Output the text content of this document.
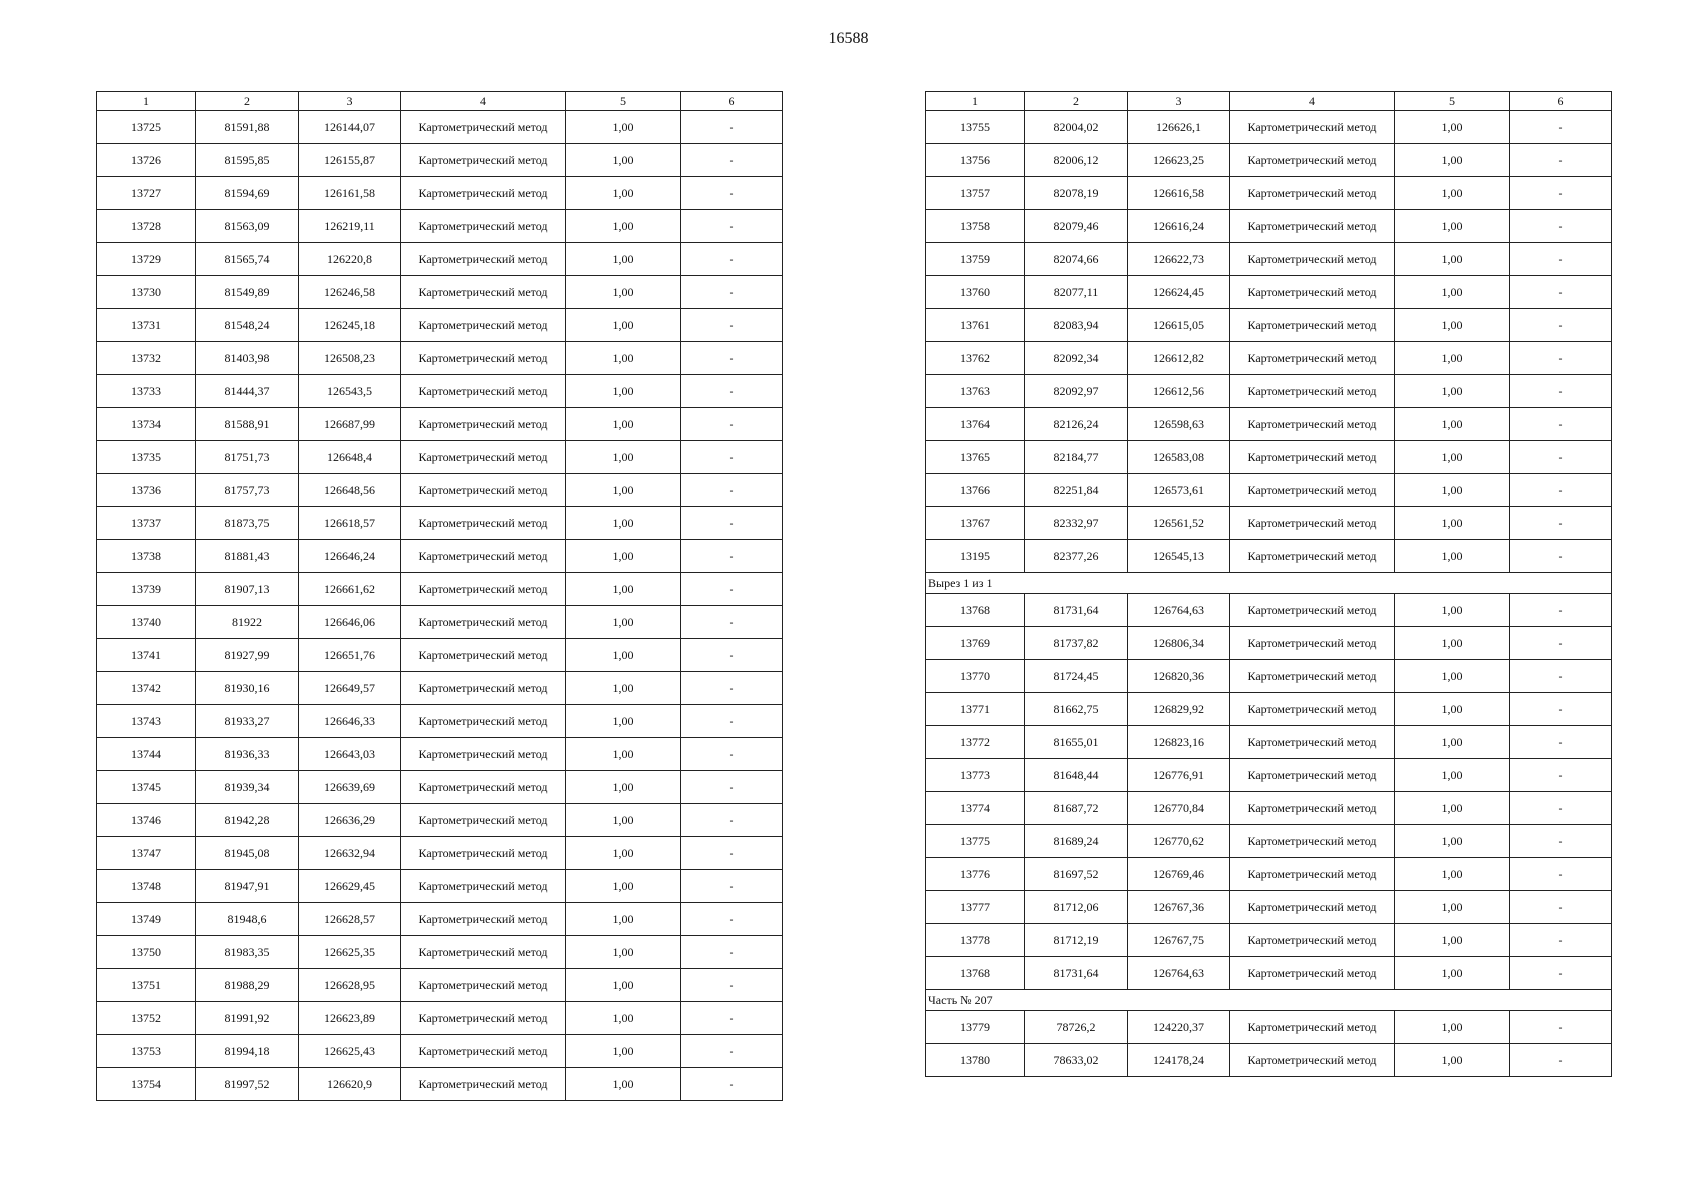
16588
1	2	3	4	5	6
13725	81591,88	126144,07	Картометрический метод	1,00	-
13726	81595,85	126155,87	Картометрический метод	1,00	-
13727	81594,69	126161,58	Картометрический метод	1,00	-
13728	81563,09	126219,11	Картометрический метод	1,00	-
13729	81565,74	126220,8	Картометрический метод	1,00	-
13730	81549,89	126246,58	Картометрический метод	1,00	-
13731	81548,24	126245,18	Картометрический метод	1,00	-
13732	81403,98	126508,23	Картометрический метод	1,00	-
13733	81444,37	126543,5	Картометрический метод	1,00	-
13734	81588,91	126687,99	Картометрический метод	1,00	-
13735	81751,73	126648,4	Картометрический метод	1,00	-
13736	81757,73	126648,56	Картометрический метод	1,00	-
13737	81873,75	126618,57	Картометрический метод	1,00	-
13738	81881,43	126646,24	Картометрический метод	1,00	-
13739	81907,13	126661,62	Картометрический метод	1,00	-
13740	81922	126646,06	Картометрический метод	1,00	-
13741	81927,99	126651,76	Картометрический метод	1,00	-
13742	81930,16	126649,57	Картометрический метод	1,00	-
13743	81933,27	126646,33	Картометрический метод	1,00	-
13744	81936,33	126643,03	Картометрический метод	1,00	-
13745	81939,34	126639,69	Картометрический метод	1,00	-
13746	81942,28	126636,29	Картометрический метод	1,00	-
13747	81945,08	126632,94	Картометрический метод	1,00	-
13748	81947,91	126629,45	Картометрический метод	1,00	-
13749	81948,6	126628,57	Картометрический метод	1,00	-
13750	81983,35	126625,35	Картометрический метод	1,00	-
13751	81988,29	126628,95	Картометрический метод	1,00	-
13752	81991,92	126623,89	Картометрический метод	1,00	-
13753	81994,18	126625,43	Картометрический метод	1,00	-
13754	81997,52	126620,9	Картометрический метод	1,00	-
1	2	3	4	5	6
13755	82004,02	126626,1	Картометрический метод	1,00	-
13756	82006,12	126623,25	Картометрический метод	1,00	-
13757	82078,19	126616,58	Картометрический метод	1,00	-
13758	82079,46	126616,24	Картометрический метод	1,00	-
13759	82074,66	126622,73	Картометрический метод	1,00	-
13760	82077,11	126624,45	Картометрический метод	1,00	-
13761	82083,94	126615,05	Картометрический метод	1,00	-
13762	82092,34	126612,82	Картометрический метод	1,00	-
13763	82092,97	126612,56	Картометрический метод	1,00	-
13764	82126,24	126598,63	Картометрический метод	1,00	-
13765	82184,77	126583,08	Картометрический метод	1,00	-
13766	82251,84	126573,61	Картометрический метод	1,00	-
13767	82332,97	126561,52	Картометрический метод	1,00	-
13195	82377,26	126545,13	Картометрический метод	1,00	-
Вырез 1 из 1					
13768	81731,64	126764,63	Картометрический метод	1,00	-
13769	81737,82	126806,34	Картометрический метод	1,00	-
13770	81724,45	126820,36	Картометрический метод	1,00	-
13771	81662,75	126829,92	Картометрический метод	1,00	-
13772	81655,01	126823,16	Картометрический метод	1,00	-
13773	81648,44	126776,91	Картометрический метод	1,00	-
13774	81687,72	126770,84	Картометрический метод	1,00	-
13775	81689,24	126770,62	Картометрический метод	1,00	-
13776	81697,52	126769,46	Картометрический метод	1,00	-
13777	81712,06	126767,36	Картометрический метод	1,00	-
13778	81712,19	126767,75	Картометрический метод	1,00	-
13768	81731,64	126764,63	Картометрический метод	1,00	-
Часть № 207					
13779	78726,2	124220,37	Картометрический метод	1,00	-
13780	78633,02	124178,24	Картометрический метод	1,00	-
